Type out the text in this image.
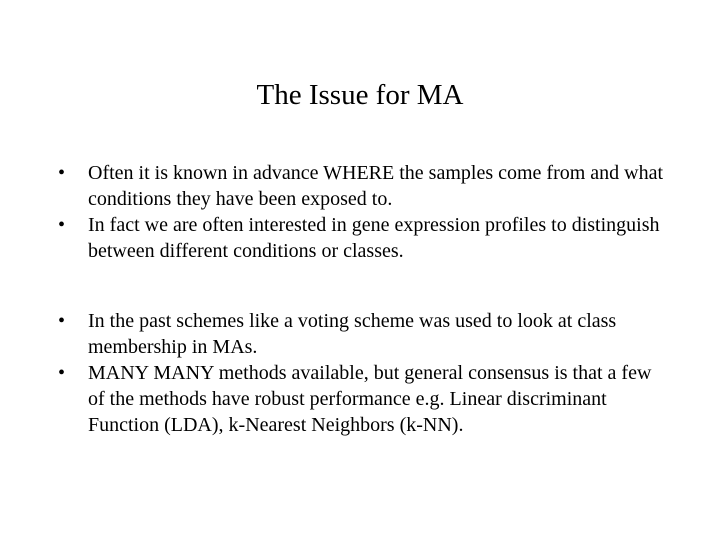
The Issue for MA
•	Often it is known in advance WHERE the samples come from and what conditions they have been exposed to.
•	In fact we are often interested in gene expression profiles to distinguish between different conditions or classes.
•	In the past schemes like a voting scheme was used to look at class membership in MAs.
•	MANY MANY methods available, but general consensus is that a few of the methods have robust performance e.g. Linear discriminant Function (LDA), k-Nearest Neighbors (k-NN).
